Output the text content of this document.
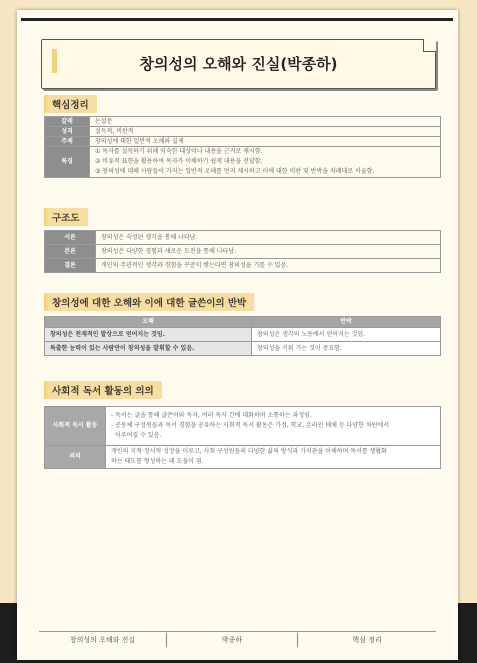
창의성의 오해와 진실(박종하)
핵심정리
갈래	논설문
성격	설득적, 비판적
주제	창의성에 대한 일반적 오해와 실제
특징	① 독자를 설득하기 위해 익숙한 대상이나 내용을 근거로 제시함.
② 비유적 표현을 활용하여 독자가 이해하기 쉽게 내용을 전달함.
③ 창의성에 대해 사람들이 가지는 일반적 오해를 먼저 제시하고 이에 대한 비판 및 반박을 차례대로 서술함.
구조도
서론	창의성은 숙성된 생각을 통해 나타남.
본론	창의성은 다양한 경험과 새로운 도전을 통해 나타남.
결론	개인의 주관적인 생각과 경험을 꾸준히 쌓는다면 창의성을 기를 수 있음.
창의성에 대한 오해와 이에 대한 글쓴이의 반박
오해	반박
창의성은 천재적인 발상으로 얻어지는 것임.	창의성은 생각의 노동에서 얻어지는 것임.
특출한 능력이 있는 사람만이 창의성을 발휘할 수 있음.	창의성을 키워 가는 것이 중요함.
사회적 독서 활동의 의의
사회적 독서 활동	- 독서는 글을 통해 글쓴이와 독자, 여러 독자 간에 대화하며 소통하는 과정임.
- 공동체 구성원들과 독서 경험을 공유하는 사회적 독서 활동은 가정, 학교, 온라인 매체 등 다양한 차원에서
이루어질 수 있음.

의의	개인의 지적·정서적 성장을 이루고, 사회 구성원들의 다양한 삶의 방식과 가치관을 이해하며 독서를 생활화
하는 태도를 형성하는 데 도움이 됨.
창의성의 오해와 진실	박종하	핵심 정리
